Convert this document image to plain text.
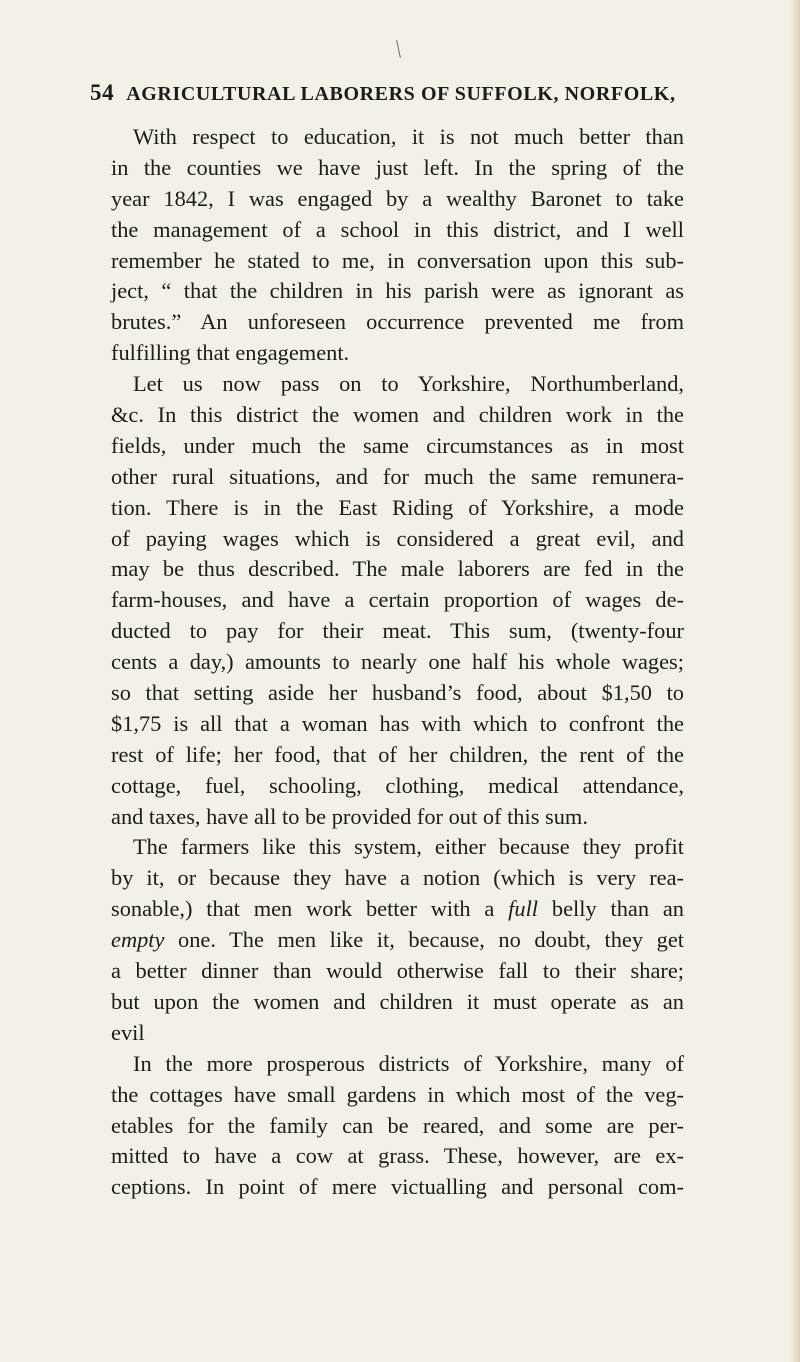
54 AGRICULTURAL LABORERS OF SUFFOLK, NORFOLK,
With respect to education, it is not much better than
in the counties we have just left. In the spring of the
year 1842, I was engaged by a wealthy Baronet to take
the management of a school in this district, and I well
remember he stated to me, in conversation upon this sub-
ject, “ that the children in his parish were as ignorant as
brutes.” An unforeseen occurrence prevented me from
fulfilling that engagement.
Let us now pass on to Yorkshire, Northumberland,
&c. In this district the women and children work in the
fields, under much the same circumstances as in most
other rural situations, and for much the same remunera-
tion. There is in the East Riding of Yorkshire, a mode
of paying wages which is considered a great evil, and
may be thus described. The male laborers are fed in the
farm-houses, and have a certain proportion of wages de-
ducted to pay for their meat. This sum, (twenty-four
cents a day,) amounts to nearly one half his whole wages;
so that setting aside her husband’s food, about $1,50 to
$1,75 is all that a woman has with which to confront the
rest of life; her food, that of her children, the rent of the
cottage, fuel, schooling, clothing, medical attendance,
and taxes, have all to be provided for out of this sum.
The farmers like this system, either because they profit
by it, or because they have a notion (which is very rea-
sonable,) that men work better with a full belly than an
empty one. The men like it, because, no doubt, they get
a better dinner than would otherwise fall to their share;
but upon the women and children it must operate as an
evil
In the more prosperous districts of Yorkshire, many of
the cottages have small gardens in which most of the veg-
etables for the family can be reared, and some are per-
mitted to have a cow at grass. These, however, are ex-
ceptions. In point of mere victualling and personal com-
